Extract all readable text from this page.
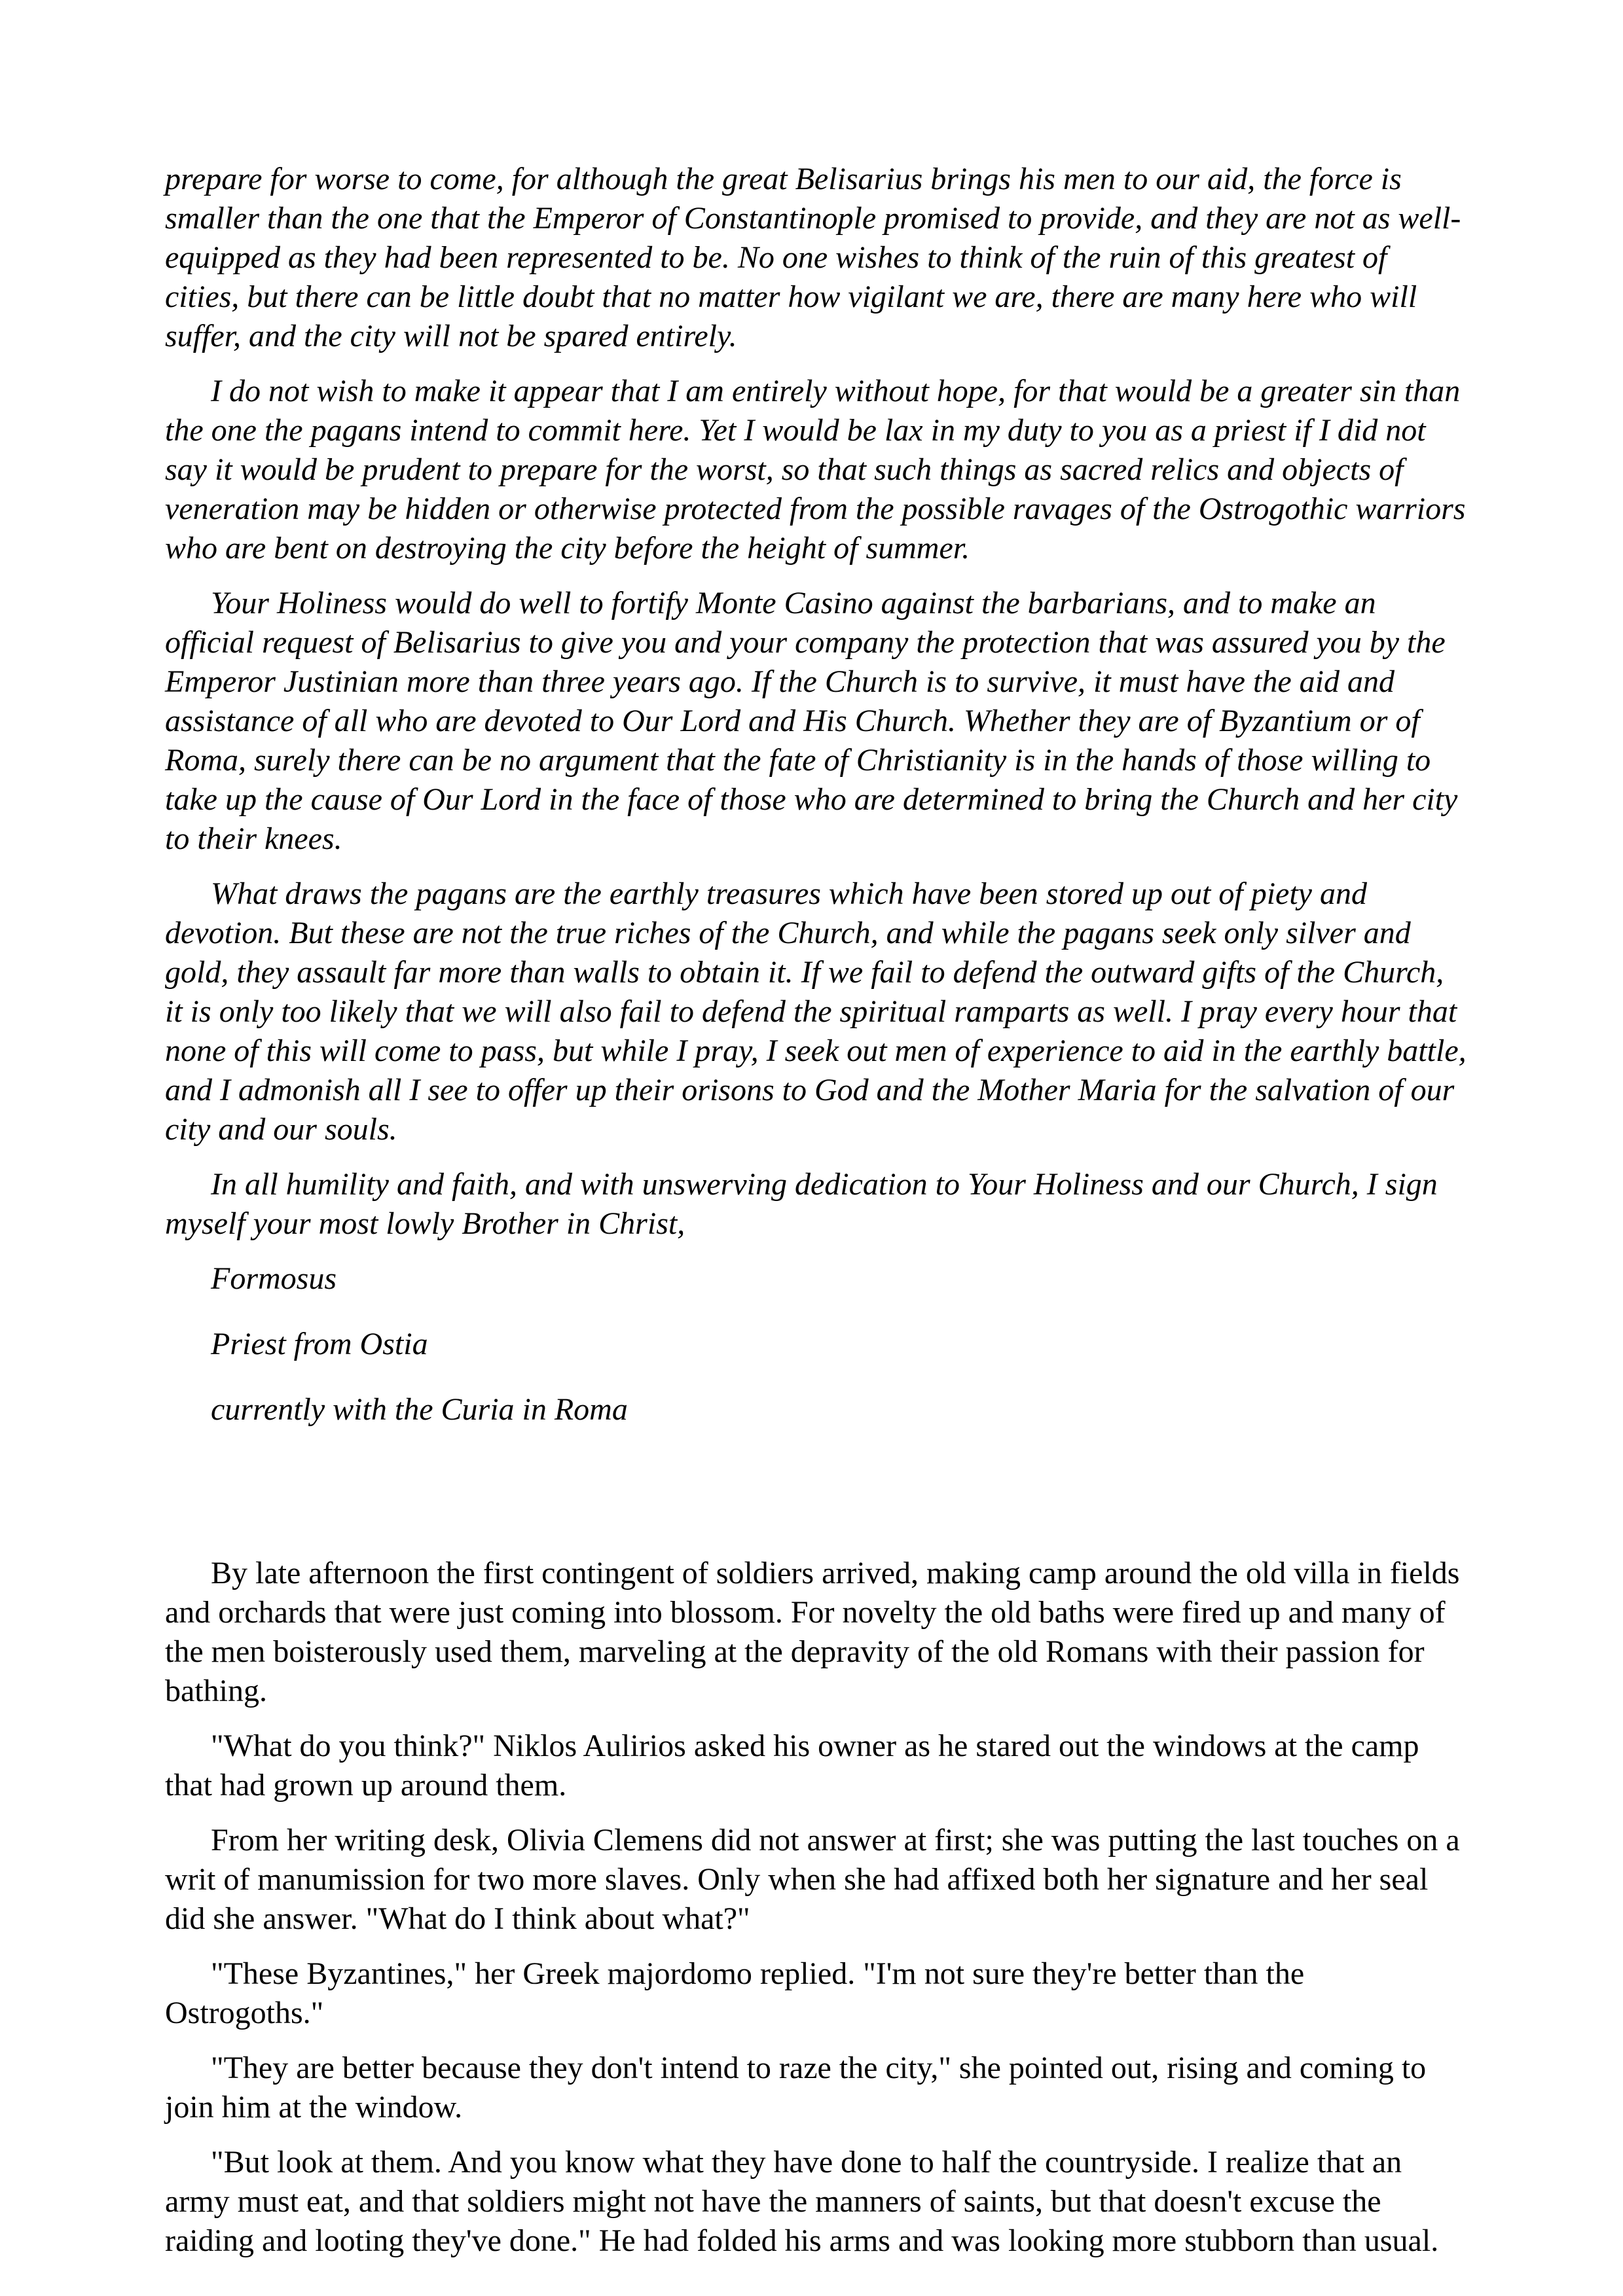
prepare for worse to come, for although the great Belisarius brings his men to our aid, the force is smaller than the one that the Emperor of Constantinople promised to provide, and they are not as well-equipped as they had been represented to be. No one wishes to think of the ruin of this greatest of cities, but there can be little doubt that no matter how vigilant we are, there are many here who will suffer, and the city will not be spared entirely.

I do not wish to make it appear that I am entirely without hope, for that would be a greater sin than the one the pagans intend to commit here. Yet I would be lax in my duty to you as a priest if I did not say it would be prudent to prepare for the worst, so that such things as sacred relics and objects of veneration may be hidden or otherwise protected from the possible ravages of the Ostrogothic warriors who are bent on destroying the city before the height of summer.

Your Holiness would do well to fortify Monte Casino against the barbarians, and to make an official request of Belisarius to give you and your company the protection that was assured you by the Emperor Justinian more than three years ago. If the Church is to survive, it must have the aid and assistance of all who are devoted to Our Lord and His Church. Whether they are of Byzantium or of Roma, surely there can be no argument that the fate of Christianity is in the hands of those willing to take up the cause of Our Lord in the face of those who are determined to bring the Church and her city to their knees.

What draws the pagans are the earthly treasures which have been stored up out of piety and devotion. But these are not the true riches of the Church, and while the pagans seek only silver and gold, they assault far more than walls to obtain it. If we fail to defend the outward gifts of the Church, it is only too likely that we will also fail to defend the spiritual ramparts as well. I pray every hour that none of this will come to pass, but while I pray, I seek out men of experience to aid in the earthly battle, and I admonish all I see to offer up their orisons to God and the Mother Maria for the salvation of our city and our souls.

In all humility and faith, and with unswerving dedication to Your Holiness and our Church, I sign myself your most lowly Brother in Christ,

Formosus

Priest from Ostia

currently with the Curia in Roma

By late afternoon the first contingent of soldiers arrived, making camp around the old villa in fields and orchards that were just coming into blossom. For novelty the old baths were fired up and many of the men boisterously used them, marveling at the depravity of the old Romans with their passion for bathing.

"What do you think?" Niklos Aulirios asked his owner as he stared out the windows at the camp that had grown up around them.

From her writing desk, Olivia Clemens did not answer at first; she was putting the last touches on a writ of manumission for two more slaves. Only when she had affixed both her signature and her seal did she answer. "What do I think about what?"

"These Byzantines," her Greek majordomo replied. "I'm not sure they're better than the Ostrogoths."

"They are better because they don't intend to raze the city," she pointed out, rising and coming to join him at the window.

"But look at them. And you know what they have done to half the countryside. I realize that an army must eat, and that soldiers might not have the manners of saints, but that doesn't excuse the raiding and looting they've done." He had folded his arms and was looking more stubborn than usual.
